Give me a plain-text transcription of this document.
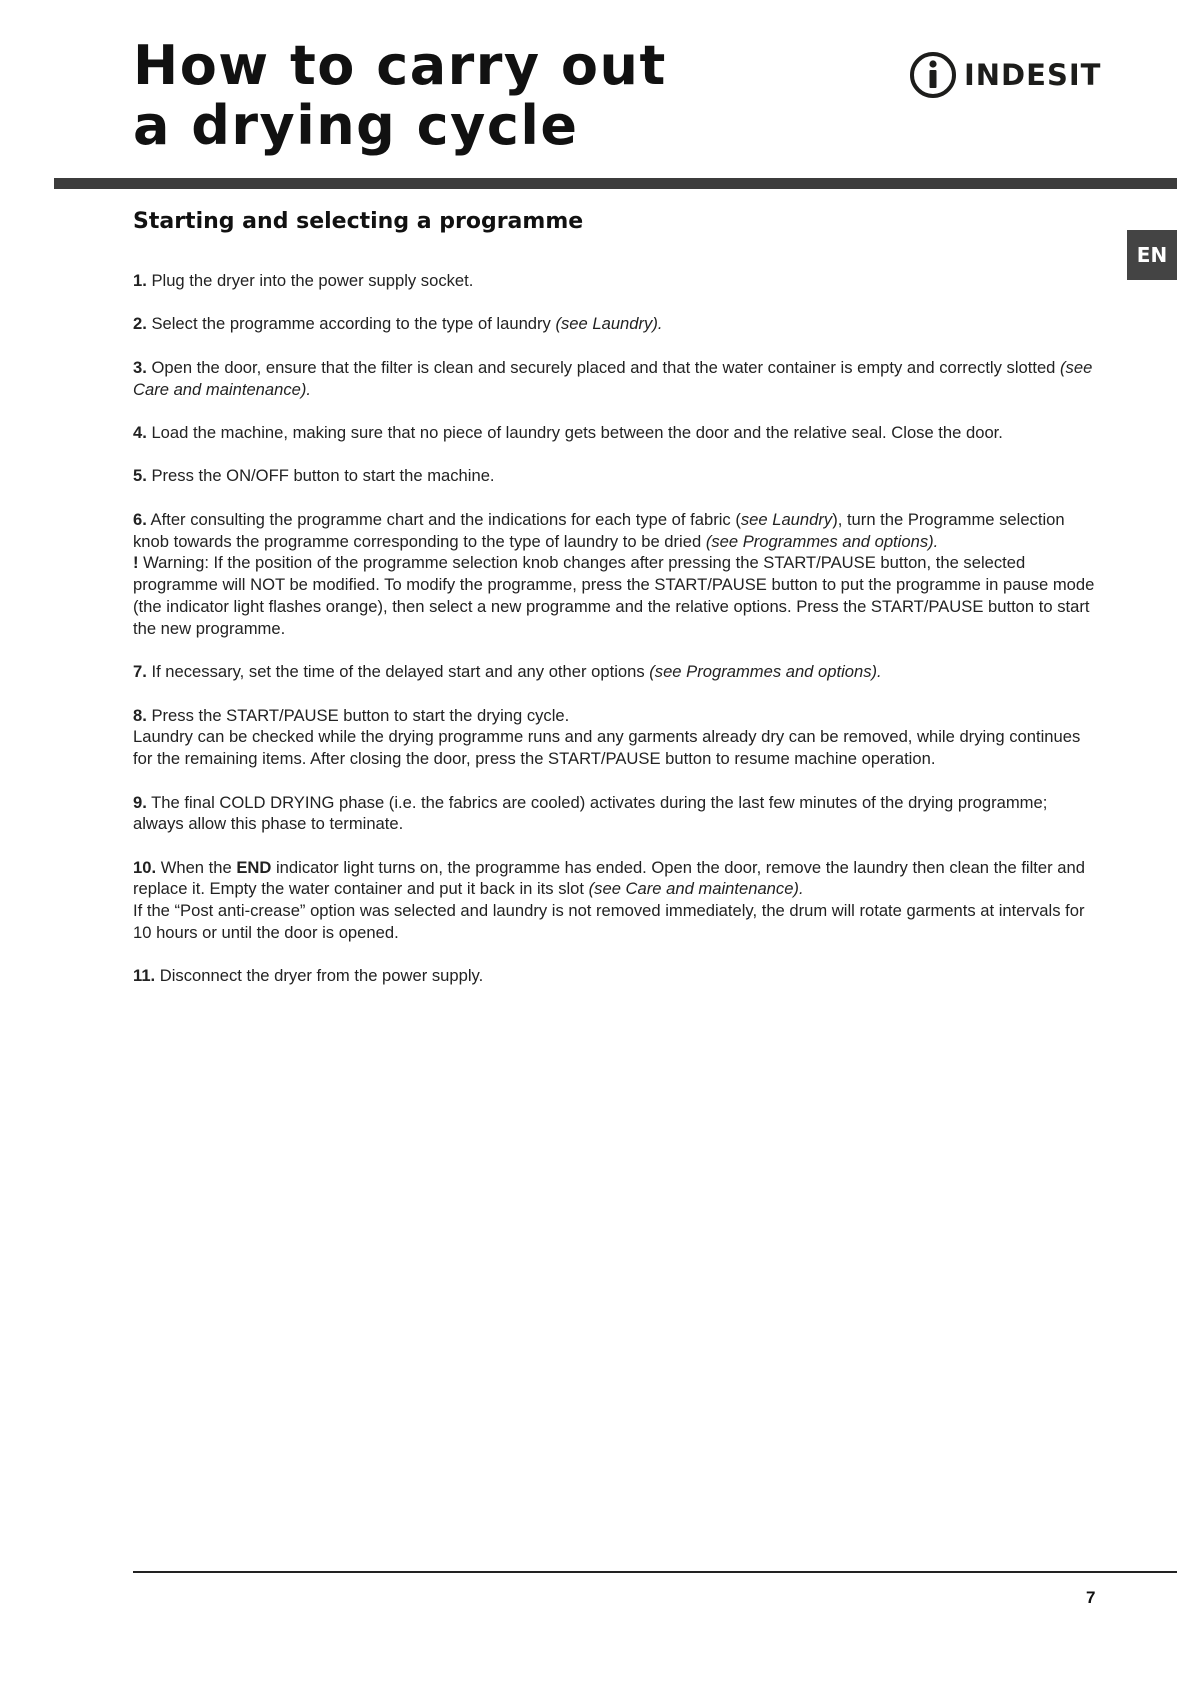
How to carry out
a drying cycle
INDESIT
EN
Starting and selecting a programme

1. Plug the dryer into the power supply socket.

2. Select the programme according to the type of laundry (see Laundry).

3. Open the door, ensure that the filter is clean and securely placed and that the water container is empty and correctly slotted (see Care and maintenance).

4. Load the machine, making sure that no piece of laundry gets between the door and the relative seal. Close the door.

5. Press the ON/OFF button to start the machine.

6. After consulting the programme chart and the indications for each type of fabric (see Laundry), turn the Programme selection knob towards the programme corresponding to the type of laundry to be dried (see Programmes and options).
! Warning: If the position of the programme selection knob changes after pressing the START/PAUSE button, the selected programme will NOT be modified. To modify the programme, press the START/PAUSE button to put the programme in pause mode (the indicator light flashes orange), then select a new programme and the relative options. Press the START/PAUSE button to start the new programme.

7. If necessary, set the time of the delayed start and any other options (see Programmes and options).

8. Press the START/PAUSE button to start the drying cycle.
Laundry can be checked while the drying programme runs and any garments already dry can be removed, while drying continues for the remaining items. After closing the door, press the START/PAUSE button to resume machine operation.

9. The final COLD DRYING phase (i.e. the fabrics are cooled) activates during the last few minutes of the drying programme; always allow this phase to terminate.

10. When the END indicator light turns on, the programme has ended. Open the door, remove the laundry then clean the filter and replace it. Empty the water container and put it back in its slot (see Care and maintenance).
If the “Post anti-crease” option was selected and laundry is not removed immediately, the drum will rotate garments at intervals for 10 hours or until the door is opened.

11. Disconnect the dryer from the power supply.

7
